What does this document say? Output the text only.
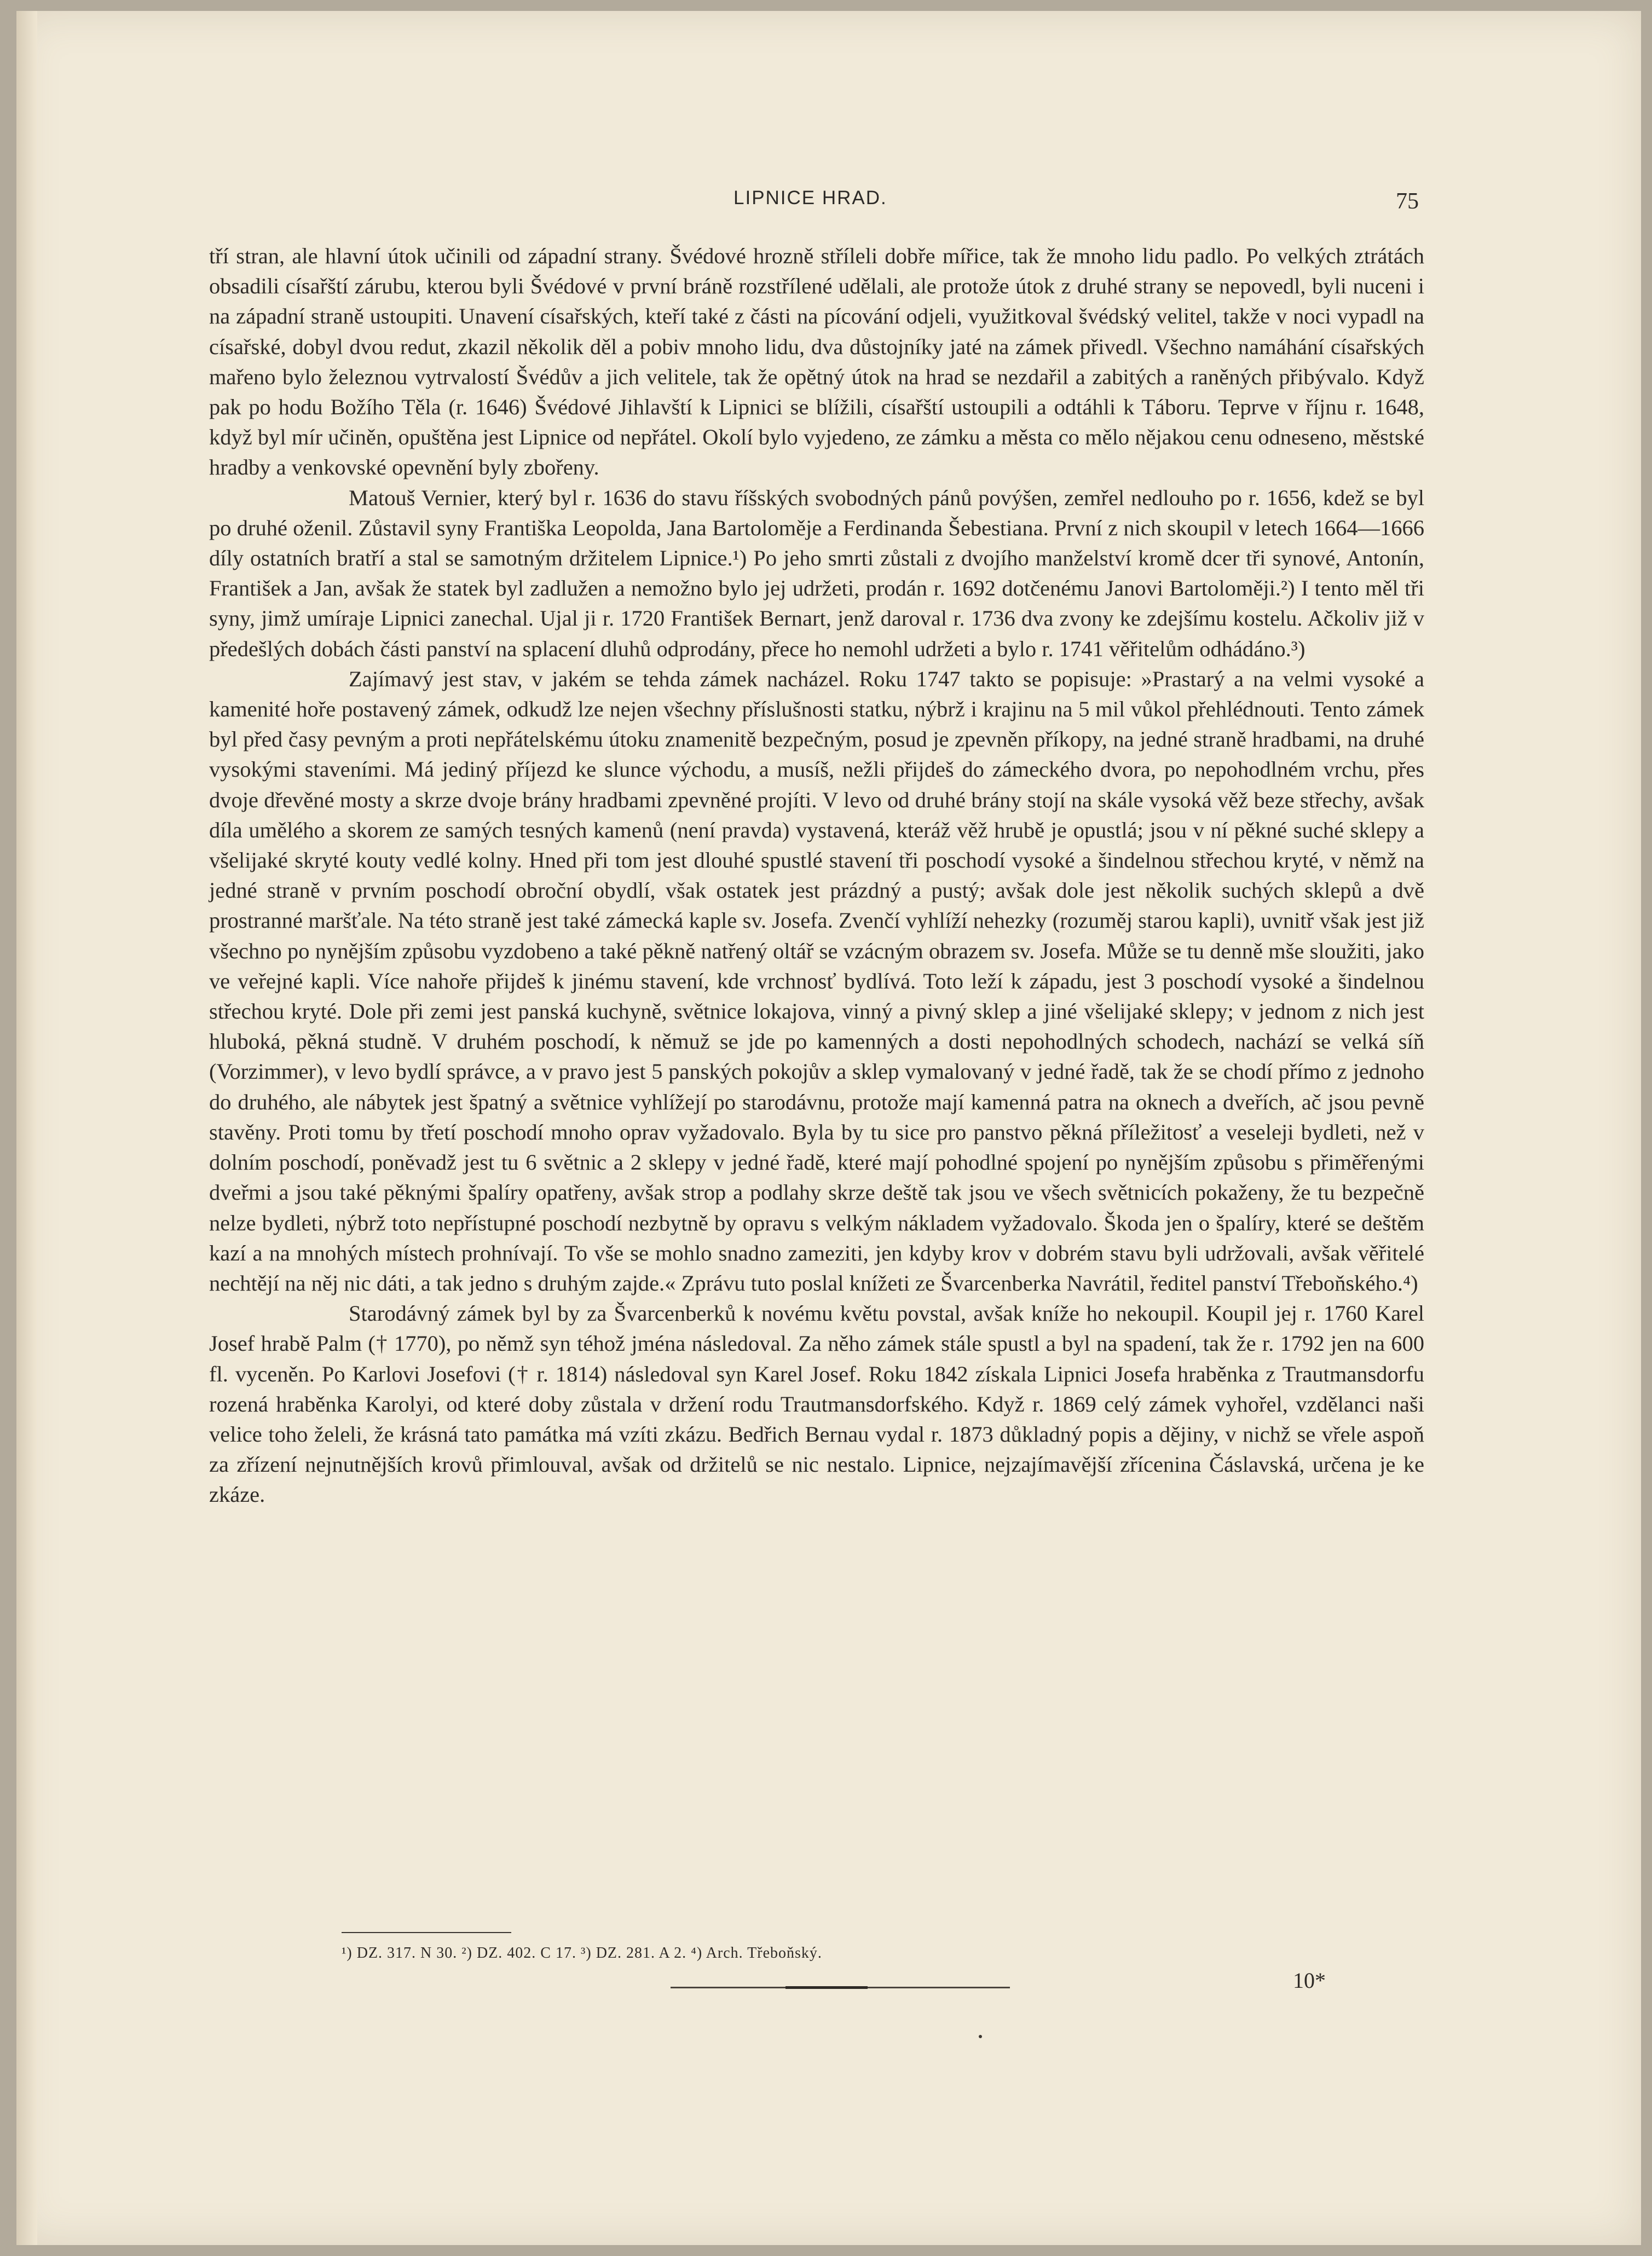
LIPNICE HRAD.	75

tří stran, ale hlavní útok učinili od západní strany. Švédové hrozně stříleli dobře mířice, tak že mnoho lidu padlo. Po velkých ztrátách obsadili císařští zárubu, kterou byli Švédové v první bráně rozstřílené udělali, ale protože útok z druhé strany se nepovedl, byli nuceni i na západní straně ustoupiti. Unavení císařských, kteří také z části na pícování odjeli, využitkoval švédský velitel, takže v noci vypadl na císařské, dobyl dvou redut, zkazil několik děl a pobiv mnoho lidu, dva důstojníky jaté na zámek přivedl. Všechno namáhání císařských mařeno bylo železnou vytrvalostí Švédův a jich velitele, tak že opětný útok na hrad se nezdařil a zabitých a raněných přibývalo. Když pak po hodu Božího Těla (r. 1646) Švédové Jihlavští k Lipnici se blížili, císařští ustoupili a odtáhli k Táboru. Teprve v říjnu r. 1648, když byl mír učiněn, opuštěna jest Lipnice od nepřátel. Okolí bylo vyjedeno, ze zámku a města co mělo nějakou cenu odneseno, městské hradby a venkovské opevnění byly zbořeny.

Matouš Vernier, který byl r. 1636 do stavu říšských svobodných pánů povýšen, zemřel nedlouho po r. 1656, kdež se byl po druhé oženil. Zůstavil syny Františka Leopolda, Jana Bartoloměje a Ferdinanda Šebestiana. První z nich skoupil v letech 1664—1666 díly ostatních bratří a stal se samotným držitelem Lipnice.¹) Po jeho smrti zůstali z dvojího manželství kromě dcer tři synové, Antonín, František a Jan, avšak že statek byl zadlužen a nemožno bylo jej udržeti, prodán r. 1692 dotčenému Janovi Bartoloměji.²) I tento měl tři syny, jimž umíraje Lipnici zanechal. Ujal ji r. 1720 František Bernart, jenž daroval r. 1736 dva zvony ke zdejšímu kostelu. Ačkoliv již v předešlých dobách části panství na splacení dluhů odprodány, přece ho nemohl udržeti a bylo r. 1741 věřitelům odhádáno.³)

Zajímavý jest stav, v jakém se tehda zámek nacházel. Roku 1747 takto se popisuje: »Prastarý a na velmi vysoké a kamenité hoře postavený zámek, odkudž lze nejen všechny příslušnosti statku, nýbrž i krajinu na 5 mil vůkol přehlédnouti. Tento zámek byl před časy pevným a proti nepřátelskému útoku znamenitě bezpečným, posud je zpevněn příkopy, na jedné straně hradbami, na druhé vysokými staveními. Má jediný příjezd ke slunce východu, a musíš, nežli přijdeš do zámeckého dvora, po nepohodlném vrchu, přes dvoje dřevěné mosty a skrze dvoje brány hradbami zpevněné projíti. V levo od druhé brány stojí na skále vysoká věž beze střechy, avšak díla umělého a skorem ze samých tesných kamenů (není pravda) vystavená, kteráž věž hrubě je opustlá; jsou v ní pěkné suché sklepy a všelijaké skryté kouty vedlé kolny. Hned při tom jest dlouhé spustlé stavení tři poschodí vysoké a šindelnou střechou kryté, v němž na jedné straně v prvním poschodí obroční obydlí, však ostatek jest prázdný a pustý; avšak dole jest několik suchých sklepů a dvě prostranné maršťale. Na této straně jest také zámecká kaple sv. Josefa. Zvenčí vyhlíží nehezky (rozuměj starou kapli), uvnitř však jest již všechno po nynějším způsobu vyzdobeno a také pěkně natřený oltář se vzácným obrazem sv. Josefa. Může se tu denně mše sloužiti, jako ve veřejné kapli. Více nahoře přijdeš k jinému stavení, kde vrchnosť bydlívá. Toto leží k západu, jest 3 poschodí vysoké a šindelnou střechou kryté. Dole při zemi jest panská kuchyně, světnice lokajova, vinný a pivný sklep a jiné všelijaké sklepy; v jednom z nich jest hluboká, pěkná studně. V druhém poschodí, k němuž se jde po kamenných a dosti nepohodlných schodech, nachází se velká síň (Vorzimmer), v levo bydlí správce, a v pravo jest 5 panských pokojův a sklep vymalovaný v jedné řadě, tak že se chodí přímo z jednoho do druhého, ale nábytek jest špatný a světnice vyhlížejí po starodávnu, protože mají kamenná patra na oknech a dveřích, ač jsou pevně stavěny. Proti tomu by třetí poschodí mnoho oprav vyžadovalo. Byla by tu sice pro panstvo pěkná příležitosť a veseleji bydleti, než v dolním poschodí, poněvadž jest tu 6 světnic a 2 sklepy v jedné řadě, které mají pohodlné spojení po nynějším způsobu s přiměřenými dveřmi a jsou také pěknými špalíry opatřeny, avšak strop a podlahy skrze deště tak jsou ve všech světnicích pokaženy, že tu bezpečně nelze bydleti, nýbrž toto nepřístupné poschodí nezbytně by opravu s velkým nákladem vyžadovalo. Škoda jen o špalíry, které se deštěm kazí a na mnohých místech prohnívají. To vše se mohlo snadno zameziti, jen kdyby krov v dobrém stavu byli udržovali, avšak věřitelé nechtějí na něj nic dáti, a tak jedno s druhým zajde.« Zprávu tuto poslal knížeti ze Švarcenberka Navrátil, ředitel panství Třeboňského.⁴)

Starodávný zámek byl by za Švarcenberků k novému květu povstal, avšak kníže ho nekoupil. Koupil jej r. 1760 Karel Josef hrabě Palm († 1770), po němž syn téhož jména následoval. Za něho zámek stále spustl a byl na spadení, tak že r. 1792 jen na 600 fl. vyceněn. Po Karlovi Josefovi († r. 1814) následoval syn Karel Josef. Roku 1842 získala Lipnici Josefa hraběnka z Trautmansdorfu rozená hraběnka Karolyi, od které doby zůstala v držení rodu Trautmansdorfského. Když r. 1869 celý zámek vyhořel, vzdělanci naši velice toho želeli, že krásná tato památka má vzíti zkázu. Bedřich Bernau vydal r. 1873 důkladný popis a dějiny, v nichž se vřele aspoň za zřízení nejnutnějších krovů přimlouval, avšak od držitelů se nic nestalo. Lipnice, nejzajímavější zřícenina Čáslavská, určena je ke zkáze.

¹) DZ. 317. N 30. ²) DZ. 402. C 17. ³) DZ. 281. A 2. ⁴) Arch. Třeboňský.
10*
